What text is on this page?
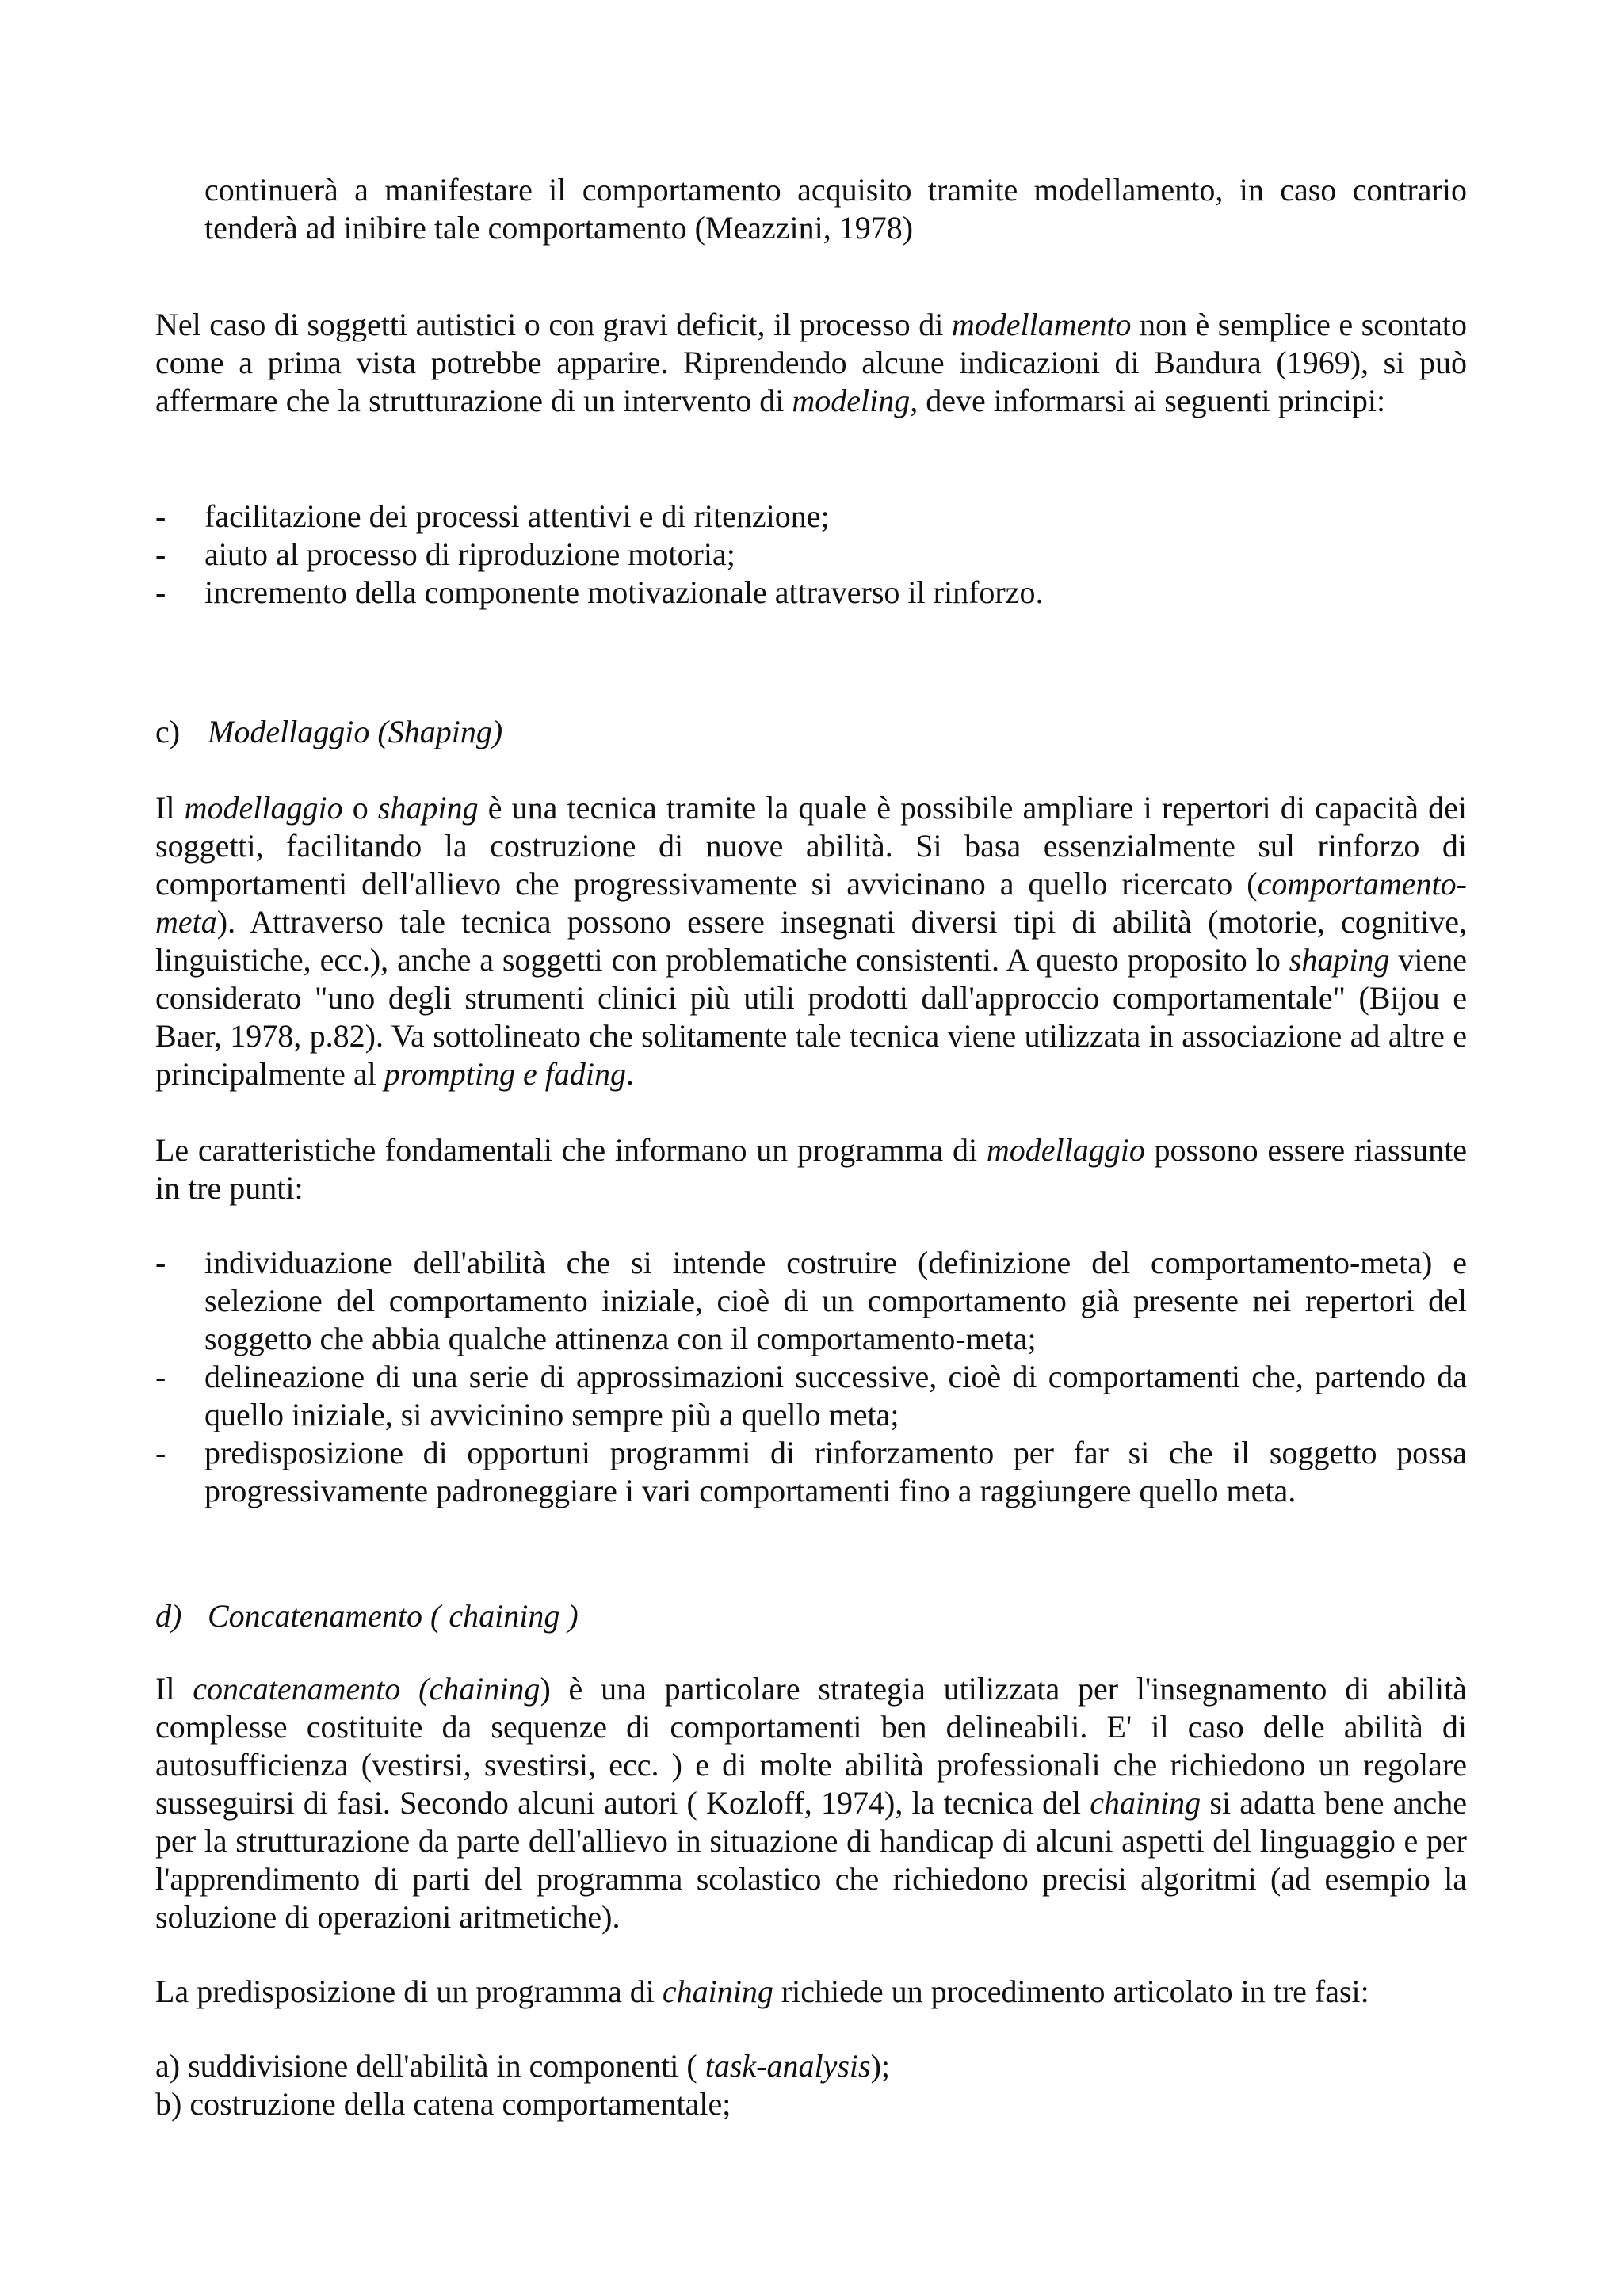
continuerà a manifestare il comportamento acquisito tramite modellamento, in caso contrario tenderà ad inibire tale comportamento (Meazzini, 1978)

Nel caso di soggetti autistici o con gravi deficit, il processo di modellamento non è semplice e scontato come a prima vista potrebbe apparire. Riprendendo alcune indicazioni di Bandura (1969), si può affermare che la strutturazione di un intervento di modeling, deve informarsi ai seguenti principi:

- facilitazione dei processi attentivi e di ritenzione;
- aiuto al processo di riproduzione motoria;
- incremento della componente motivazionale attraverso il rinforzo.
c) Modellaggio (Shaping)

Il modellaggio o shaping è una tecnica tramite la quale è possibile ampliare i repertori di capacità dei soggetti, facilitando la costruzione di nuove abilità. Si basa essenzialmente sul rinforzo di comportamenti dell'allievo che progressivamente si avvicinano a quello ricercato (comportamento-meta). Attraverso tale tecnica possono essere insegnati diversi tipi di abilità (motorie, cognitive, linguistiche, ecc.), anche a soggetti con problematiche consistenti. A questo proposito lo shaping viene considerato "uno degli strumenti clinici più utili prodotti dall'approccio comportamentale" (Bijou e Baer, 1978, p.82). Va sottolineato che solitamente tale tecnica viene utilizzata in associazione ad altre e principalmente al prompting e fading.

Le caratteristiche fondamentali che informano un programma di modellaggio possono essere riassunte in tre punti:

- individuazione dell'abilità che si intende costruire (definizione del comportamento-meta) e selezione del comportamento iniziale, cioè di un comportamento già presente nei repertori del soggetto che abbia qualche attinenza con il comportamento-meta;
- delineazione di una serie di approssimazioni successive, cioè di comportamenti che, partendo da quello iniziale, si avvicinino sempre più a quello meta;
- predisposizione di opportuni programmi di rinforzamento per far si che il soggetto possa progressivamente padroneggiare i vari comportamenti fino a raggiungere quello meta.
d) Concatenamento ( chaining )

Il concatenamento (chaining) è una particolare strategia utilizzata per l'insegnamento di abilità complesse costituite da sequenze di comportamenti ben delineabili. E' il caso delle abilità di autosufficienza (vestirsi, svestirsi, ecc. ) e di molte abilità professionali che richiedono un regolare susseguirsi di fasi. Secondo alcuni autori ( Kozloff, 1974), la tecnica del chaining si adatta bene anche per la strutturazione da parte dell'allievo in situazione di handicap di alcuni aspetti del linguaggio e per l'apprendimento di parti del programma scolastico che richiedono precisi algoritmi (ad esempio la soluzione di operazioni aritmetiche).

La predisposizione di un programma di chaining richiede un procedimento articolato in tre fasi:

a) suddivisione dell'abilità in componenti ( task-analysis);

b) costruzione della catena comportamentale;
